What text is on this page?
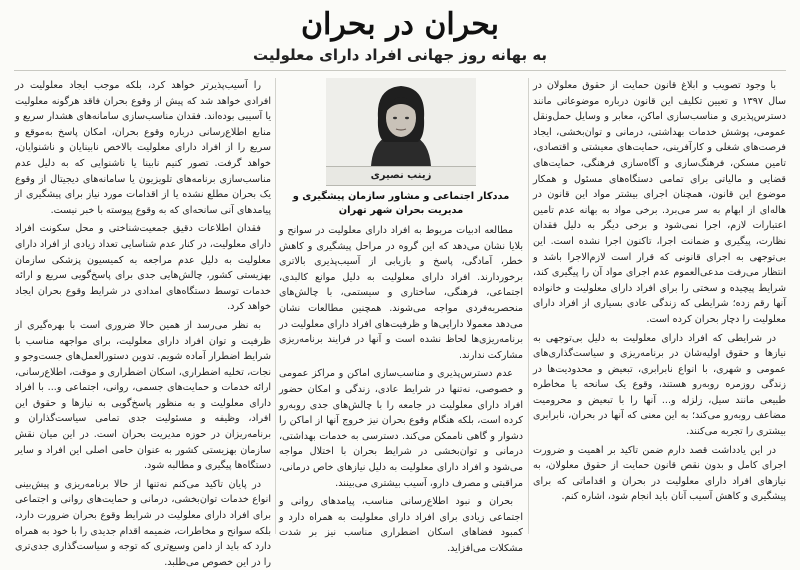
بحران در بحران
به بهانه روز جهانی افراد دارای معلولیت

با وجود تصویب و ابلاغ قانون حمایت از حقوق معلولان در سال ۱۳۹۷ و تعیین تکلیف این قانون درباره موضوعاتی مانند دسترس‌پذیری و مناسب‌سازی اماکن، معابر و وسایل حمل‌ونقل عمومی، پوشش خدمات بهداشتی، درمانی و توان‌بخشی، ایجاد فرصت‌های شغلی و کارآفرینی، حمایت‌های معیشتی و اقتصادی، تامین مسکن، فرهنگ‌سازی و آگاه‌سازی فرهنگی، حمایت‌های قضایی و مالیاتی برای تمامی دستگاه‌های مسئول و همکار موضوع این قانون، همچنان اجرای بیشتر مواد این قانون در هاله‌ای از ابهام به سر می‌برد. برخی مواد به بهانه عدم تامین اعتبارات لازم، اجرا نمی‌شود و برخی دیگر به دلیل فقدان نظارت، پیگیری و ضمانت اجرا، تاکنون اجرا نشده است. این بی‌توجهی به اجرای قانونی که قرار است لازم‌الاجرا باشد و انتظار می‌رفت مدعی‌العموم عدم اجرای مواد آن را پیگیری کند، شرایط پیچیده و سختی را برای افراد دارای معلولیت و خانواده آنها رقم زده؛ شرایطی که زندگی عادی بسیاری از افراد دارای معلولیت را دچار بحران کرده است.

در شرایطی که افراد دارای معلولیت به دلیل بی‌توجهی به نیازها و حقوق اولیه‌شان در برنامه‌ریزی و سیاست‌گذاری‌های عمومی و شهری، با انواع نابرابری، تبعیض و محدودیت‌ها در زندگی روزمره روبه‌رو هستند، وقوع یک سانحه یا مخاطره طبیعی مانند سیل، زلزله و... آنها را با تبعیض و محرومیت مضاعف روبه‌رو می‌کند؛ به این معنی که آنها در بحران، نابرابری بیشتری را تجربه می‌کنند.

در این یادداشت قصد دارم ضمن تاکید بر اهمیت و ضرورت اجرای کامل و بدون نقص قانون حمایت از حقوق معلولان، به نیازهای افراد دارای معلولیت در بحران و اقداماتی که برای پیشگیری و کاهش آسیب آنان باید انجام شود، اشاره کنم.

زینب نصیری
مددکار اجتماعی و مشاور سازمان پیشگیری و مدیریت بحران شهر تهران

مطالعه ادبیات مربوط به افراد دارای معلولیت در سوانح و بلایا نشان می‌دهد که این گروه در مراحل پیشگیری و کاهش خطر، آمادگی، پاسخ و بازیابی از آسیب‌پذیری بالاتری برخوردارند. افراد دارای معلولیت به دلیل موانع کالبدی، اجتماعی، فرهنگی، ساختاری و سیستمی، با چالش‌های منحصربه‌فردی مواجه می‌شوند. همچنین مطالعات نشان می‌دهد معمولا دارایی‌ها و ظرفیت‌های افراد دارای معلولیت در برنامه‌ریزی‌ها لحاظ نشده است و آنها در فرایند برنامه‌ریزی مشارکت ندارند.

عدم دسترس‌پذیری و مناسب‌سازی اماکن و مراکز عمومی و خصوصی، نه‌تنها در شرایط عادی، زندگی و امکان حضور افراد دارای معلولیت در جامعه را با چالش‌های جدی روبه‌رو کرده است، بلکه هنگام وقوع بحران نیز خروج آنها از اماکن را دشوار و گاهی ناممکن می‌کند. دسترسی به خدمات بهداشتی، درمانی و توان‌بخشی در شرایط بحران با اختلال مواجه می‌شود و افراد دارای معلولیت به دلیل نیازهای خاص درمانی، مراقبتی و مصرف دارو، آسیب بیشتری می‌بینند.

بحران و نبود اطلاع‌رسانی مناسب، پیامدهای روانی و اجتماعی زیادی برای افراد دارای معلولیت به همراه دارد و کمبود فضاهای اسکان اضطراری مناسب نیز بر شدت مشکلات می‌افزاید.

را آسیب‌پذیرتر خواهد کرد، بلکه موجب ایجاد معلولیت در افرادی خواهد شد که پیش از وقوع بحران فاقد هرگونه معلولیت یا آسیبی بوده‌اند. فقدان مناسب‌سازی سامانه‌های هشدار سریع و منابع اطلاع‌رسانی درباره وقوع بحران، امکان پاسخ به‌موقع و سریع را از افراد دارای معلولیت بالاخص نابینایان و ناشنوایان، خواهد گرفت. تصور کنیم نابینا یا ناشنوایی که به دلیل عدم مناسب‌سازی برنامه‌های تلویزیون یا سامانه‌های دیجیتال از وقوع یک بحران مطلع نشده یا از اقدامات مورد نیاز برای پیشگیری از پیامدهای آنی سانحه‌ای که به وقوع پیوسته با خبر نیست.

فقدان اطلاعات دقیق جمعیت‌شناختی و محل سکونت افراد دارای معلولیت، در کنار عدم شناسایی تعداد زیادی از افراد دارای معلولیت به دلیل عدم مراجعه به کمیسیون پزشکی سازمان بهزیستی کشور، چالش‌هایی جدی برای پاسخ‌گویی سریع و ارائه خدمات توسط دستگاه‌های امدادی در شرایط وقوع بحران ایجاد خواهد کرد.

به نظر می‌رسد از همین حالا ضروری است با بهره‌گیری از ظرفیت و توان افراد دارای معلولیت، برای مواجهه مناسب با شرایط اضطرار آماده شویم. تدوین دستورالعمل‌های جست‌وجو و نجات، تخلیه اضطراری، اسکان اضطراری و موقت، اطلاع‌رسانی، ارائه خدمات و حمایت‌های جسمی، روانی، اجتماعی و... با افراد دارای معلولیت و به منظور پاسخ‌گویی به نیازها و حقوق این افراد، وظیفه و مسئولیت جدی تمامی سیاست‌گذاران و برنامه‌ریزان در حوزه مدیریت بحران است. در این میان نقش سازمان بهزیستی کشور به عنوان حامی اصلی این افراد و سایر دستگاه‌ها پیگیری و مطالبه شود.

در پایان تاکید می‌کنم نه‌تنها از حالا برنامه‌ریزی و پیش‌بینی انواع خدمات توان‌بخشی، درمانی و حمایت‌های روانی و اجتماعی برای افراد دارای معلولیت در شرایط وقوع بحران ضرورت دارد، بلکه سوانح و مخاطرات، ضمیمه اقدام جدیدی را با خود به همراه دارد که باید از دامن وسیع‌تری که توجه و سیاست‌گذاری جدی‌تری را در این خصوص می‌طلبد.
